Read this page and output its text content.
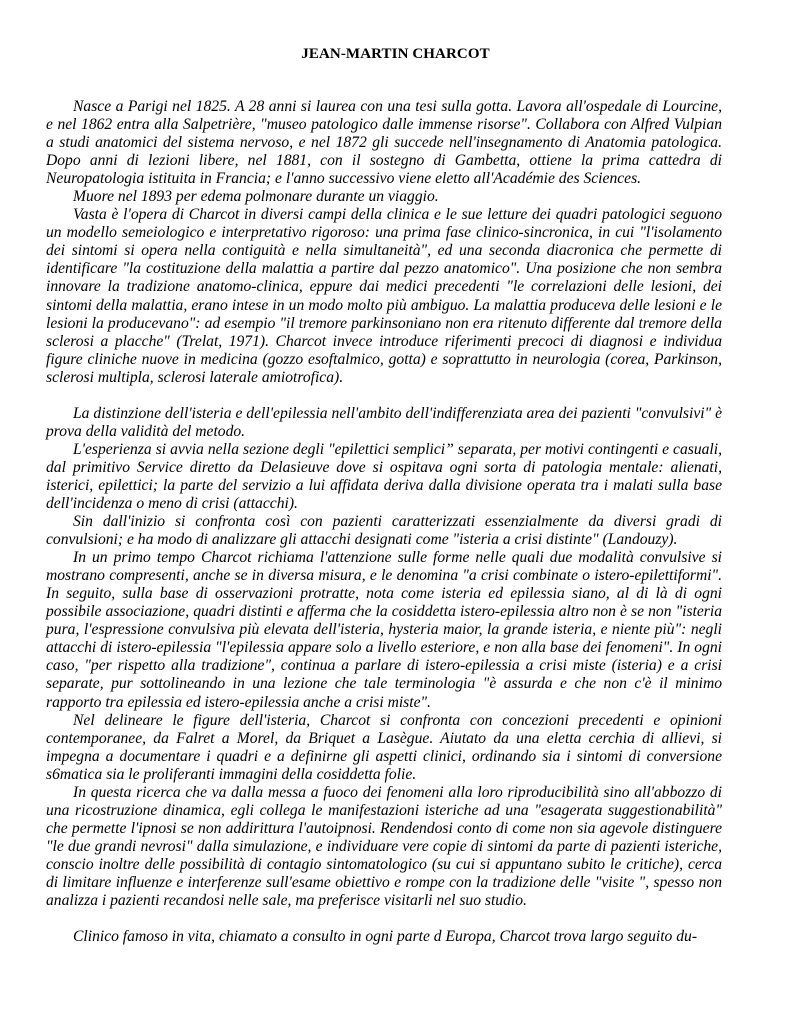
JEAN-MARTIN CHARCOT

Nasce a Parigi nel 1825. A 28 anni si laurea con una tesi sulla gotta. Lavora all'ospedale di Lourcine, e nel 1862 entra alla Salpetrière, "museo patologico dalle immense risorse". Collabora con Alfred Vulpian a studi anatomici del sistema nervoso, e nel 1872 gli succede nell'insegnamento di Anatomia patologica. Dopo anni di lezioni libere, nel 1881, con il sostegno di Gambetta, ottiene la prima cattedra di Neuropatologia istituita in Francia; e l'anno successivo viene eletto all'Académie des Sciences.

Muore nel 1893 per edema polmonare durante un viaggio.

Vasta è l'opera di Charcot in diversi campi della clinica e le sue letture dei quadri patologici seguono un modello semeiologico e interpretativo rigoroso: una prima fase clinico-sincronica, in cui "l'isolamento dei sintomi si opera nella contiguità e nella simultaneità", ed una seconda diacronica che permette di identificare "la costituzione della malattia a partire dal pezzo anatomico". Una posizione che non sembra innovare la tradizione anatomo-clinica, eppure dai medici precedenti "le correlazioni delle lesioni, dei sintomi della malattia, erano intese in un modo molto più ambiguo. La malattia produceva delle lesioni e le lesioni la producevano": ad esempio "il tremore parkinsoniano non era ritenuto differente dal tremore della sclerosi a placche" (Trelat, 1971). Charcot invece introduce riferimenti precoci di diagnosi e individua figure cliniche nuove in medicina (gozzo esoftalmico, gotta) e soprattutto in neurologia (corea, Parkinson, sclerosi multipla, sclerosi laterale amiotrofica).

La distinzione dell'isteria e dell'epilessia nell'ambito dell'indifferenziata area dei pazienti "convulsivi" è prova della validità del metodo.

L'esperienza si avvia nella sezione degli "epilettici semplici” separata, per motivi contingenti e casuali, dal primitivo Service diretto da Delasieuve dove si ospitava ogni sorta di patologia mentale: alienati, isterici, epilettici; la parte del servizio a lui affidata deriva dalla divisione operata tra i malati sulla base dell'incidenza o meno di crisi (attacchi).

Sin dall'inizio si confronta così con pazienti caratterizzati essenzialmente da diversi gradi di convulsioni; e ha modo di analizzare gli attacchi designati come "isteria a crisi distinte" (Landouzy).

In un primo tempo Charcot richiama l'attenzione sulle forme nelle quali due modalità convulsive si mostrano compresenti, anche se in diversa misura, e le denomina "a crisi combinate o istero-epilettiformi". In seguito, sulla base di osservazioni protratte, nota come isteria ed epilessia siano, al di là di ogni possibile associazione, quadri distinti e afferma che la cosiddetta istero-epilessia altro non è se non "isteria pura, l'espressione convulsiva più elevata dell'isteria, hysteria maior, la grande isteria, e niente più": negli attacchi di istero-epilessia "l'epilessia appare solo a livello esteriore, e non alla base dei fenomeni". In ogni caso, "per rispetto alla tradizione", continua a parlare di istero-epilessia a crisi miste (isteria) e a crisi separate, pur sottolineando in una lezione che tale terminologia "è assurda e che non c'è il minimo rapporto tra epilessia ed istero-epilessia anche a crisi miste".

Nel delineare le figure dell'isteria, Charcot si confronta con concezioni precedenti e opinioni contemporanee, da Falret a Morel, da Briquet a Lasègue. Aiutato da una eletta cerchia di allievi, si impegna a documentare i quadri e a definirne gli aspetti clinici, ordinando sia i sintomi di conversione s6matica sia le proliferanti immagini della cosiddetta folie.

In questa ricerca che va dalla messa a fuoco dei fenomeni alla loro riproducibilità sino all'abbozzo di una ricostruzione dinamica, egli collega le manifestazioni isteriche ad una "esagerata suggestionabilità" che permette l'ipnosi se non addirittura l'autoipnosi. Rendendosi conto di come non sia agevole distinguere "le due grandi nevrosi" dalla simulazione, e individuare vere copie di sintomi da parte di pazienti isteriche, conscio inoltre delle possibilità di contagio sintomatologico (su cui si appuntano subito le critiche), cerca di limitare influenze e interferenze sull'esame obiettivo e rompe con la tradizione delle "visite ", spesso non analizza i pazienti recandosi nelle sale, ma preferisce visitarli nel suo studio.

Clinico famoso in vita, chiamato a consulto in ogni parte d Europa, Charcot trova largo seguito du-
